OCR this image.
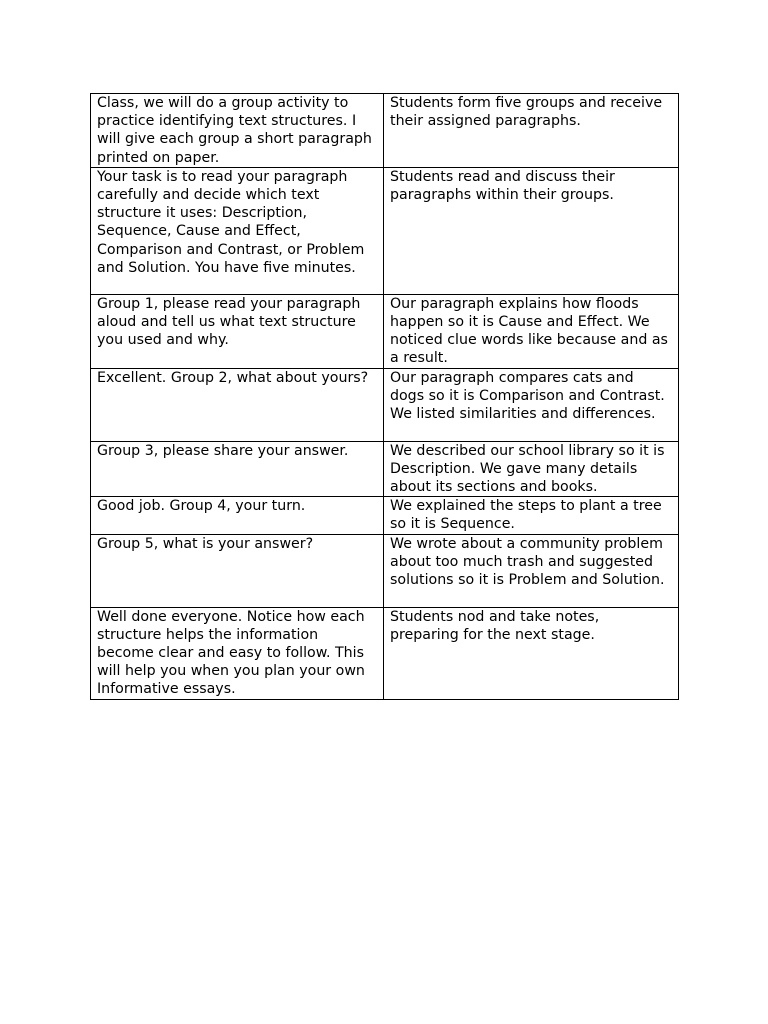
Class, we will do a group activity to practice identifying text structures. I will give each group a short paragraph printed on paper.	Students form five groups and receive their assigned paragraphs.
Your task is to read your paragraph carefully and decide which text structure it uses: Description, Sequence, Cause and Effect, Comparison and Contrast, or Problem and Solution. You have five minutes.	Students read and discuss their paragraphs within their groups.
Group 1, please read your paragraph aloud and tell us what text structure you used and why.	Our paragraph explains how floods happen so it is Cause and Effect. We noticed clue words like because and as a result.
Excellent. Group 2, what about yours?	Our paragraph compares cats and dogs so it is Comparison and Contrast. We listed similarities and differences.
Group 3, please share your answer.	We described our school library so it is Description. We gave many details about its sections and books.
Good job. Group 4, your turn.	We explained the steps to plant a tree so it is Sequence.
Group 5, what is your answer?	We wrote about a community problem about too much trash and suggested solutions so it is Problem and Solution.
Well done everyone. Notice how each structure helps the information become clear and easy to follow. This will help you when you plan your own Informative essays.	Students nod and take notes, preparing for the next stage.
